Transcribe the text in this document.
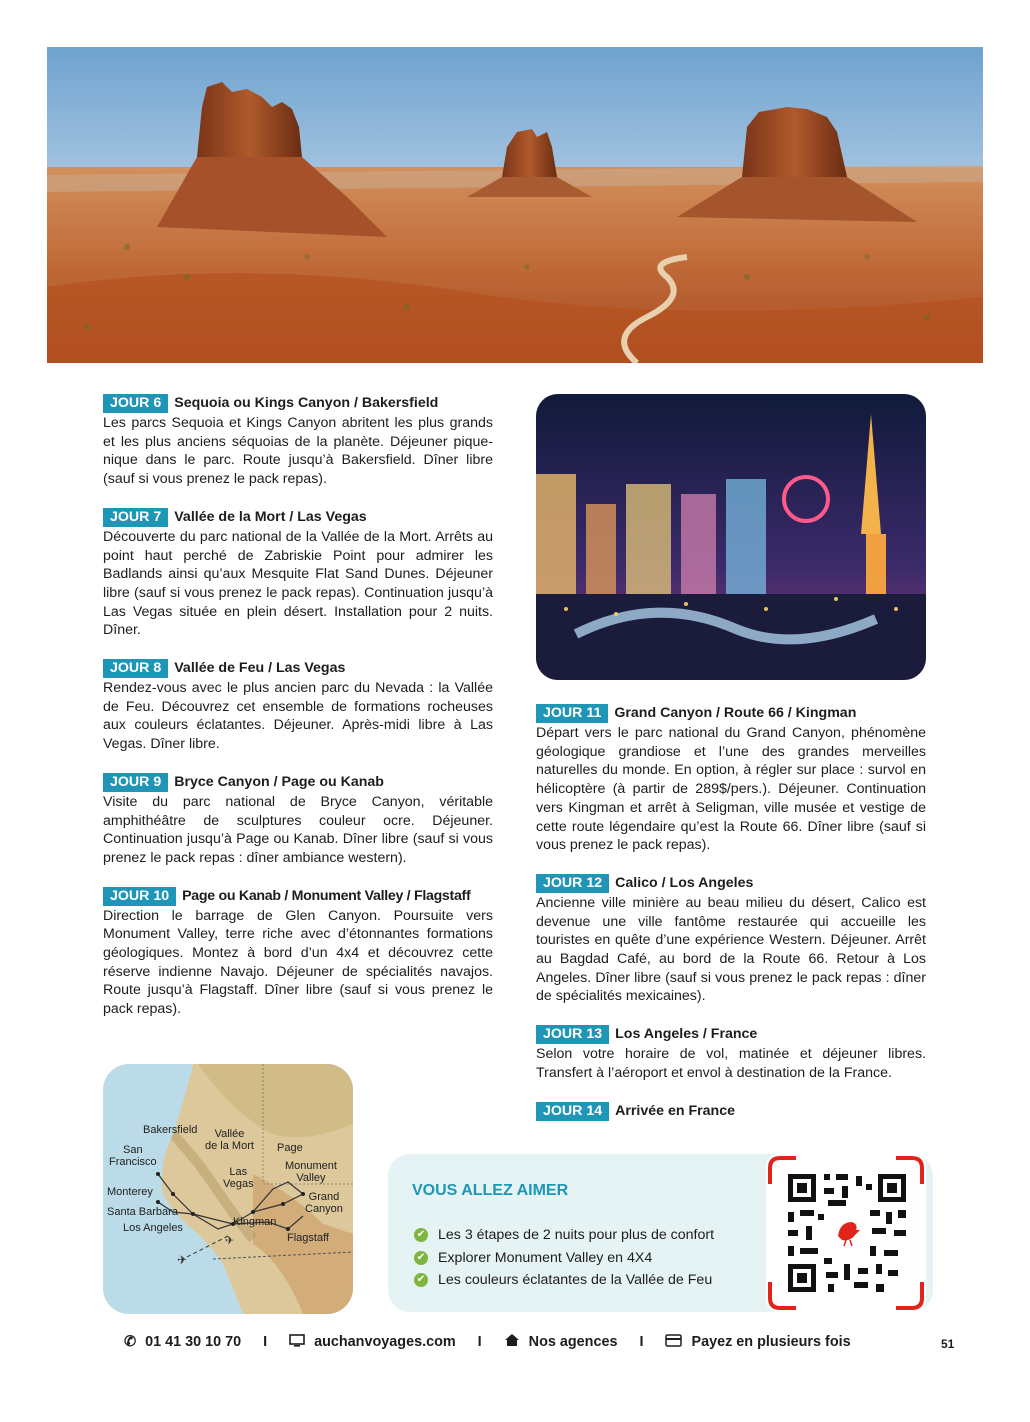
JOUR 6 Sequoia ou Kings Canyon / Bakersfield
Les parcs Sequoia et Kings Canyon abritent les plus grands et les plus anciens séquoias de la planète. Déjeuner pique-nique dans le parc. Route jusqu’à Bakersfield. Dîner libre (sauf si vous prenez le pack repas).
JOUR 7 Vallée de la Mort / Las Vegas
Découverte du parc national de la Vallée de la Mort. Arrêts au point haut perché de Zabriskie Point pour admirer les Badlands ainsi qu’aux Mesquite Flat Sand Dunes. Déjeuner libre (sauf si vous prenez le pack repas). Continuation jusqu’à Las Vegas située en plein désert. Installation pour 2 nuits. Dîner.
JOUR 8 Vallée de Feu / Las Vegas
Rendez-vous avec le plus ancien parc du Nevada : la Vallée de Feu. Découvrez cet ensemble de formations rocheuses aux couleurs éclatantes. Déjeuner. Après-midi libre à Las Vegas. Dîner libre.
JOUR 9 Bryce Canyon / Page ou Kanab
Visite du parc national de Bryce Canyon, véritable amphithéâtre de sculptures couleur ocre. Déjeuner. Continuation jusqu’à Page ou Kanab. Dîner libre (sauf si vous prenez le pack repas : dîner ambiance western).
JOUR 10 Page ou Kanab / Monument Valley / Flagstaff
Direction le barrage de Glen Canyon. Poursuite vers Monument Valley, terre riche avec d’étonnantes formations géologiques. Montez à bord d’un 4x4 et découvrez cette réserve indienne Navajo. Déjeuner de spécialités navajos. Route jusqu’à Flagstaff. Dîner libre (sauf si vous prenez le pack repas).
JOUR 11 Grand Canyon / Route 66 / Kingman
Départ vers le parc national du Grand Canyon, phénomène géologique grandiose et l’une des grandes merveilles naturelles du monde. En option, à régler sur place : survol en hélicoptère (à partir de 289$/pers.). Déjeuner. Continuation vers Kingman et arrêt à Seligman, ville musée et vestige de cette route légendaire qu’est la Route 66. Dîner libre (sauf si vous prenez le pack repas).
JOUR 12 Calico / Los Angeles
Ancienne ville minière au beau milieu du désert, Calico est devenue une ville fantôme restaurée qui accueille les touristes en quête d’une expérience Western. Déjeuner. Arrêt au Bagdad Café, au bord de la Route 66. Retour à Los Angeles. Dîner libre (sauf si vous prenez le pack repas : dîner de spécialités mexicaines).
JOUR 13 Los Angeles / France
Selon votre horaire de vol, matinée et déjeuner libres. Transfert à l’aéroport et envol à destination de la France.
JOUR 14 Arrivée en France
✈
✈
Bakersfield	Vallée
de la Mort Page
San
Francisco
Las
Vegas
Monument
Valley
Monterey	Grand
Canyon
Santa Barbara
Kingman
Los Angeles
Flagstaff
VOUS ALLEZ AIMER
✔ Les 3 étapes de 2 nuits pour plus de confort
✔ Explorer Monument Valley en 4X4
✔ Les couleurs éclatantes de la Vallée de Feu
✆ 01 41 30 10 70 I	auchanvoyages.com I	Nos agences I	Payez en plusieurs fois	51
